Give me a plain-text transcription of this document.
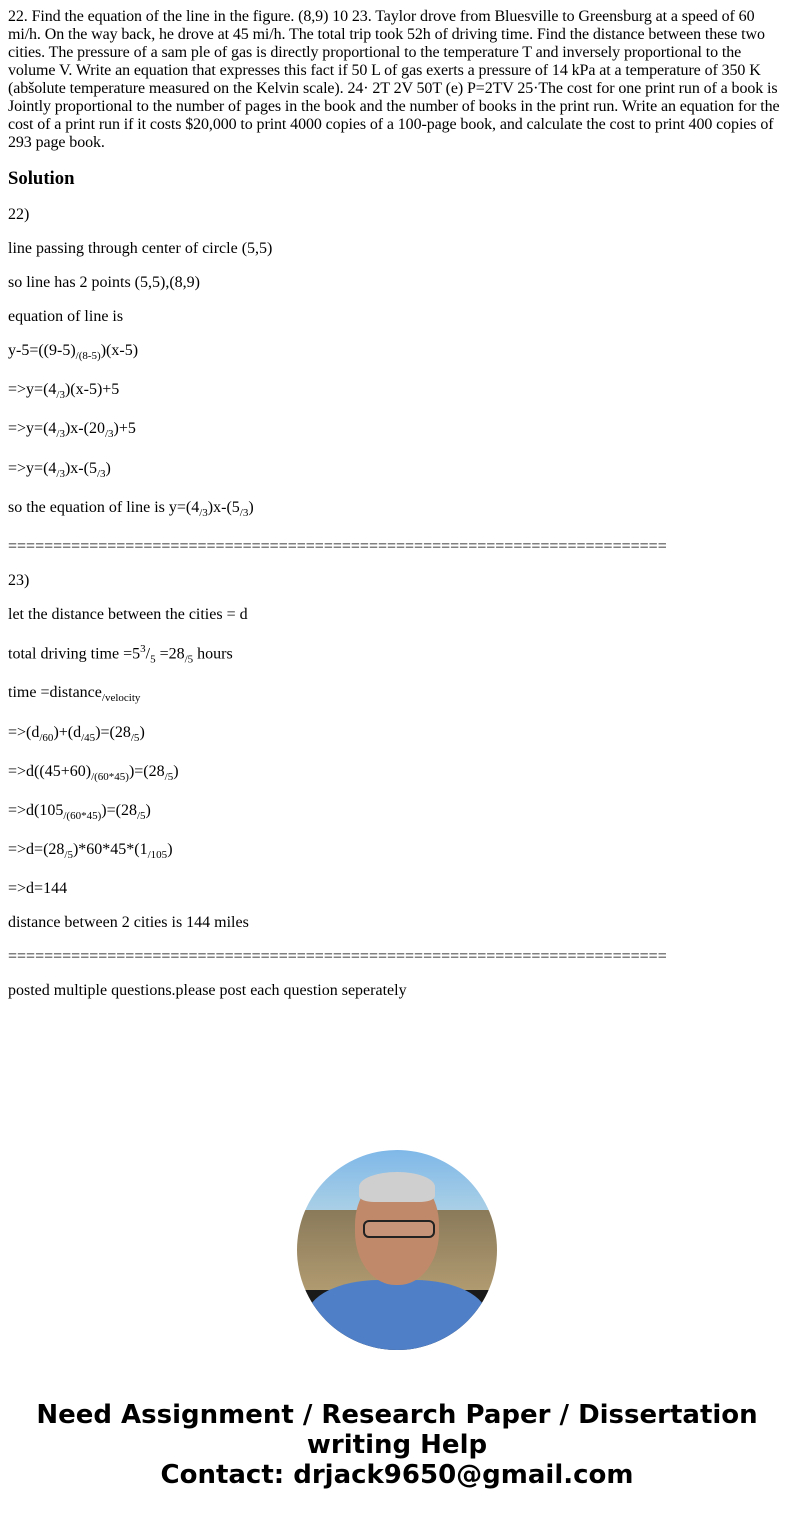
22. Find the equation of the line in the figure. (8,9) 10 23. Taylor drove from Bluesville to Greensburg at a speed of 60 mi/h. On the way back, he drove at 45 mi/h. The total trip took 52h of driving time. Find the distance between these two cities. The pressure of a sam ple of gas is directly proportional to the temperature T and inversely proportional to the volume V. Write an equation that expresses this fact if 50 L of gas exerts a pressure of 14 kPa at a temperature of 350 K (abšolute temperature measured on the Kelvin scale). 24· 2T 2V 50T (e) P=2TV 25·The cost for one print run of a book is Jointly proportional to the number of pages in the book and the number of books in the print run. Write an equation for the cost of a print run if it costs $20,000 to print 4000 copies of a 100-page book, and calculate the cost to print 400 copies of 293 page book.

Solution

22)

line passing through center of circle (5,5)

so line has 2 points (5,5),(8,9)

equation of line is

$y-5=((9-5)_{/(8-5)})(x-5)$

$=>y=(4_{/3})(x-5)+5$

$=>y=(4_{/3})x-(20_{/3})+5$

$=>y=(4_{/3})x-(5_{/3})$

so the equation of line is $y=(4_{/3})x-(5_{/3})$

=========================================================================

23)

let the distance between the cities = d

total driving time $=5^3/_5 =28_{/5}$ hours

time =distance$_{/velocity}$

$=>(d_{/60})+(d_{/45})=(28_{/5})$

$=>d((45+60)_{/(60*45)})=(28_{/5})$

$=>d(105_{/(60*45)})=(28_{/5})$

$=>d=(28_{/5})*60*45*(1_{/105})$

=>d=144

distance between 2 cities is 144 miles

=========================================================================

posted multiple questions.please post each question seperately

Need Assignment / Research Paper / Dissertation writing Help
Contact: drjack9650@gmail.com
